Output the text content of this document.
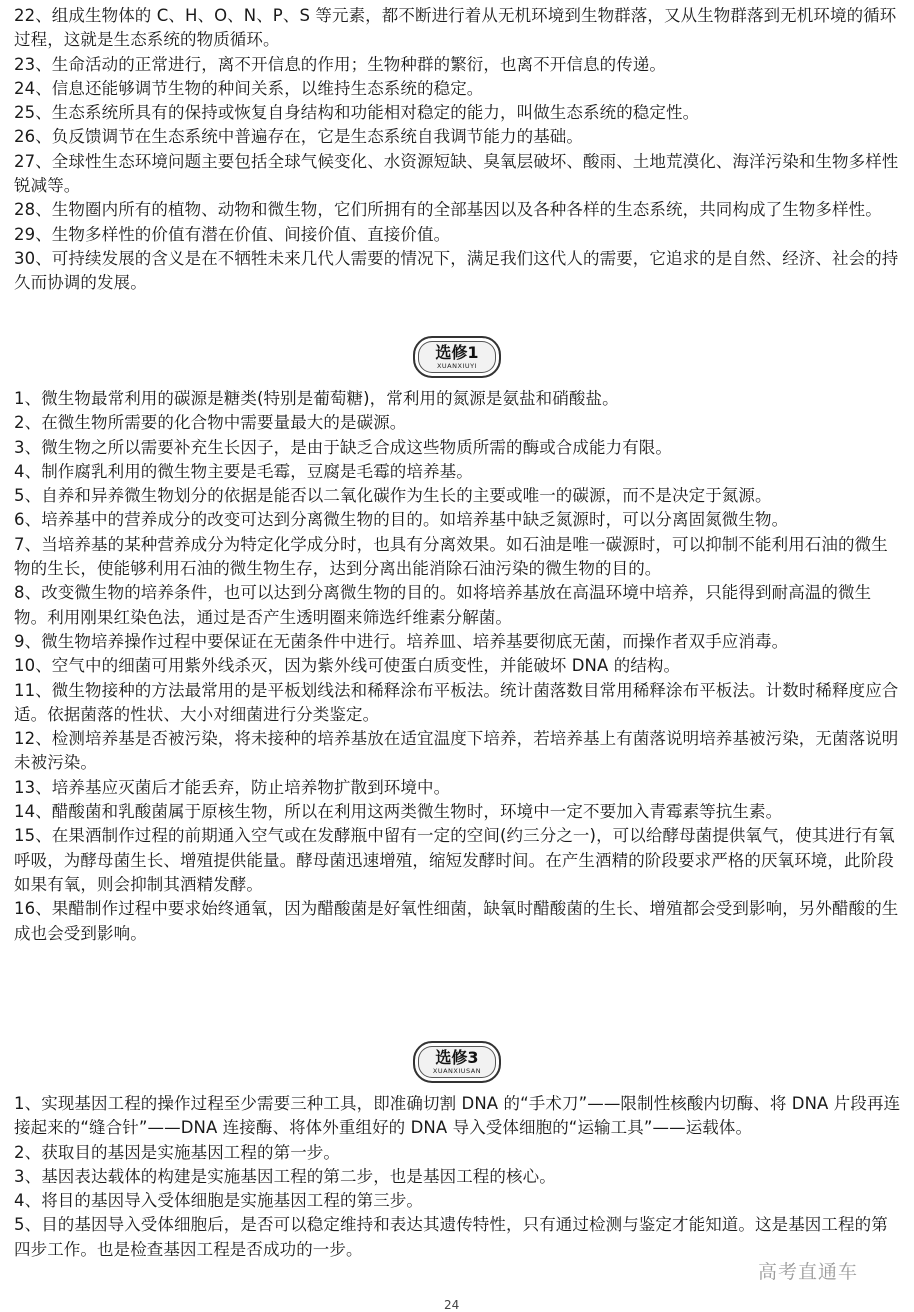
22、组成生物体的 C、H、O、N、P、S 等元素，都不断进行着从无机环境到生物群落，又从生物群落到无机环境的循环过程，这就是生态系统的物质循环。

23、生命活动的正常进行，离不开信息的作用；生物种群的繁衍，也离不开信息的传递。

24、信息还能够调节生物的种间关系，以维持生态系统的稳定。

25、生态系统所具有的保持或恢复自身结构和功能相对稳定的能力，叫做生态系统的稳定性。

26、负反馈调节在生态系统中普遍存在，它是生态系统自我调节能力的基础。

27、全球性生态环境问题主要包括全球气候变化、水资源短缺、臭氧层破坏、酸雨、土地荒漠化、海洋污染和生物多样性锐减等。

28、生物圈内所有的植物、动物和微生物，它们所拥有的全部基因以及各种各样的生态系统，共同构成了生物多样性。

29、生物多样性的价值有潜在价值、间接价值、直接价值。

30、可持续发展的含义是在不牺牲未来几代人需要的情况下，满足我们这代人的需要，它追求的是自然、经济、社会的持久而协调的发展。

选修1
XUANXIUYI

1、微生物最常利用的碳源是糖类(特别是葡萄糖)，常利用的氮源是氨盐和硝酸盐。

2、在微生物所需要的化合物中需要量最大的是碳源。

3、微生物之所以需要补充生长因子，是由于缺乏合成这些物质所需的酶或合成能力有限。

4、制作腐乳利用的微生物主要是毛霉，豆腐是毛霉的培养基。

5、自养和异养微生物划分的依据是能否以二氧化碳作为生长的主要或唯一的碳源，而不是决定于氮源。

6、培养基中的营养成分的改变可达到分离微生物的目的。如培养基中缺乏氮源时，可以分离固氮微生物。

7、当培养基的某种营养成分为特定化学成分时，也具有分离效果。如石油是唯一碳源时，可以抑制不能利用石油的微生物的生长，使能够利用石油的微生物生存，达到分离出能消除石油污染的微生物的目的。

8、改变微生物的培养条件，也可以达到分离微生物的目的。如将培养基放在高温环境中培养，只能得到耐高温的微生物。利用刚果红染色法，通过是否产生透明圈来筛选纤维素分解菌。

9、微生物培养操作过程中要保证在无菌条件中进行。培养皿、培养基要彻底无菌，而操作者双手应消毒。

10、空气中的细菌可用紫外线杀灭，因为紫外线可使蛋白质变性，并能破坏 DNA 的结构。

11、微生物接种的方法最常用的是平板划线法和稀释涂布平板法。统计菌落数目常用稀释涂布平板法。计数时稀释度应合适。依据菌落的性状、大小对细菌进行分类鉴定。

12、检测培养基是否被污染，将未接种的培养基放在适宜温度下培养，若培养基上有菌落说明培养基被污染，无菌落说明未被污染。

13、培养基应灭菌后才能丢弃，防止培养物扩散到环境中。

14、醋酸菌和乳酸菌属于原核生物，所以在利用这两类微生物时，环境中一定不要加入青霉素等抗生素。

15、在果酒制作过程的前期通入空气或在发酵瓶中留有一定的空间(约三分之一)，可以给酵母菌提供氧气，使其进行有氧呼吸，为酵母菌生长、增殖提供能量。酵母菌迅速增殖，缩短发酵时间。在产生酒精的阶段要求严格的厌氧环境，此阶段如果有氧，则会抑制其酒精发酵。

16、果醋制作过程中要求始终通氧，因为醋酸菌是好氧性细菌，缺氧时醋酸菌的生长、增殖都会受到影响，另外醋酸的生成也会受到影响。

选修3
XUANXIUSAN

1、实现基因工程的操作过程至少需要三种工具，即准确切割 DNA 的“手术刀”——限制性核酸内切酶、将 DNA 片段再连接起来的“缝合针”——DNA 连接酶、将体外重组好的 DNA 导入受体细胞的“运输工具”——运载体。

2、获取目的基因是实施基因工程的第一步。

3、基因表达载体的构建是实施基因工程的第二步，也是基因工程的核心。

4、将目的基因导入受体细胞是实施基因工程的第三步。

5、目的基因导入受体细胞后，是否可以稳定维持和表达其遗传特性，只有通过检测与鉴定才能知道。这是基因工程的第四步工作。也是检查基因工程是否成功的一步。

高考直通车
24
